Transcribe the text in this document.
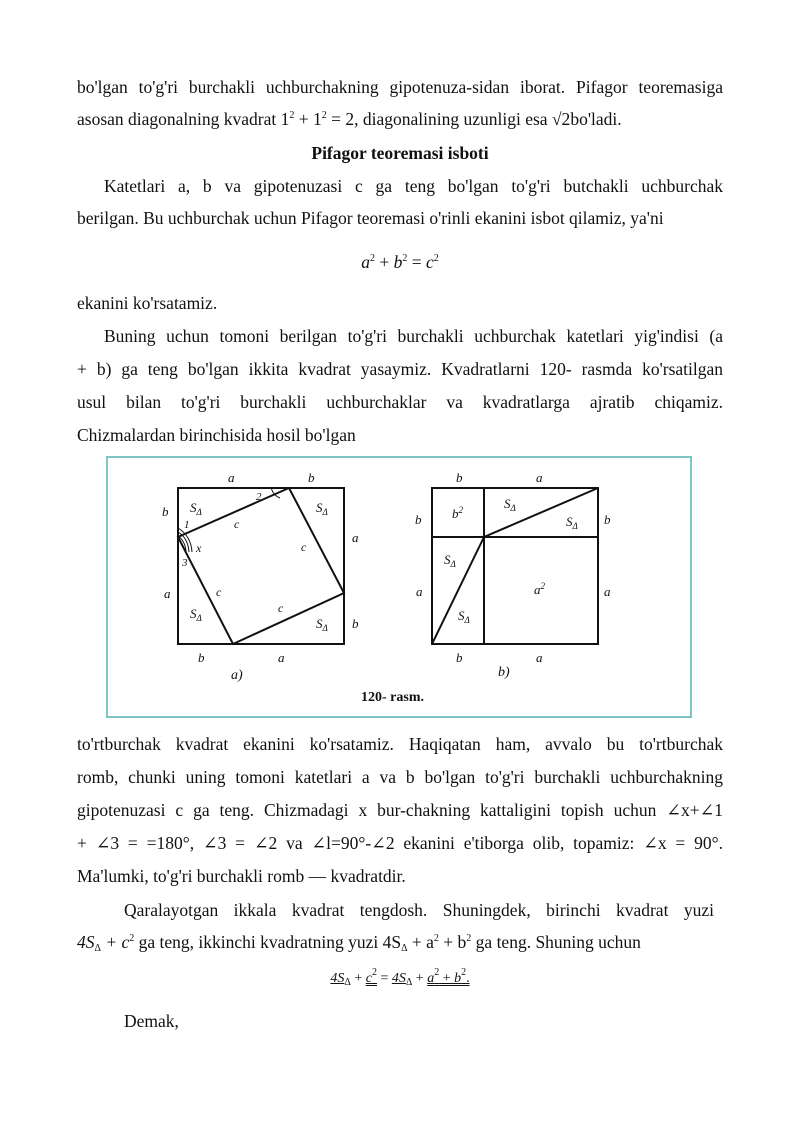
bo'lgan to'g'ri burchakli uchburchakning gipotenuza-sidan iborat. Pifagor teoremasiga
asosan diagonalning kvadrat $1^2 + 1^2 = 2$, diagonalining uzunligi esa √2bo'ladi.
Pifagor teoremasi isboti
Katetlari a, b va gipotenuzasi c ga teng bo'lgan to'g'ri butchakli uchburchak
berilgan. Bu uchburchak uchun Pifagor teoremasi o'rinli ekanini isbot qilamiz, ya'ni
$a^2 + b^2 = c^2$
ekanini ko'rsatamiz.
Buning uchun tomoni berilgan to'g'ri burchakli uchburchak katetlari yig'indisi (a
+ b) ga teng bo'lgan ikkita kvadrat yasaymiz. Kvadratlarni 120- rasmda ko'rsatilgan
usul bilan to'g'ri burchakli uchburchaklar va kvadratlarga ajratib chiqamiz.
Chizmalardan birinchisida hosil bo'lgan
a	b
b
a
a
b
b	a
c
c
c
c
1
2
3
x
$S_\Delta$	$S_\Delta$
$S_\Delta$	$S_\Delta$
a)
b	a
b
a
b
a
b	a
$b^2$
$a^2$
$S_\Delta$
$S_\Delta$
$S_\Delta$
$S_\Delta$
b)
120- rasm.
to'rtburchak kvadrat ekanini ko'rsatamiz. Haqiqatan ham, avvalo bu to'rtburchak
romb, chunki uning tomoni katetlari a va b bo'lgan to'g'ri burchakli uchburchakning
gipotenuzasi c ga teng. Chizmadagi x bur-chakning kattaligini topish uchun ∠x+∠1
+ ∠3 = =180°, ∠3 = ∠2 va ∠l=90°-∠2 ekanini e'tiborga olib, topamiz: ∠x = 90°.
Ma'lumki, to'g'ri burchakli romb — kvadratdir.
Qaralayotgan ikkala kvadrat tengdosh. Shuningdek, birinchi kvadrat yuzi
$4S_\Delta + c^2$ ga teng, ikkinchi kvadratning yuzi $4S_\Delta + a^2 + b^2$ ga teng. Shuning uchun
$4S_\Delta + c^2 = 4S_\Delta + a^2 + b^2$.
Demak,
